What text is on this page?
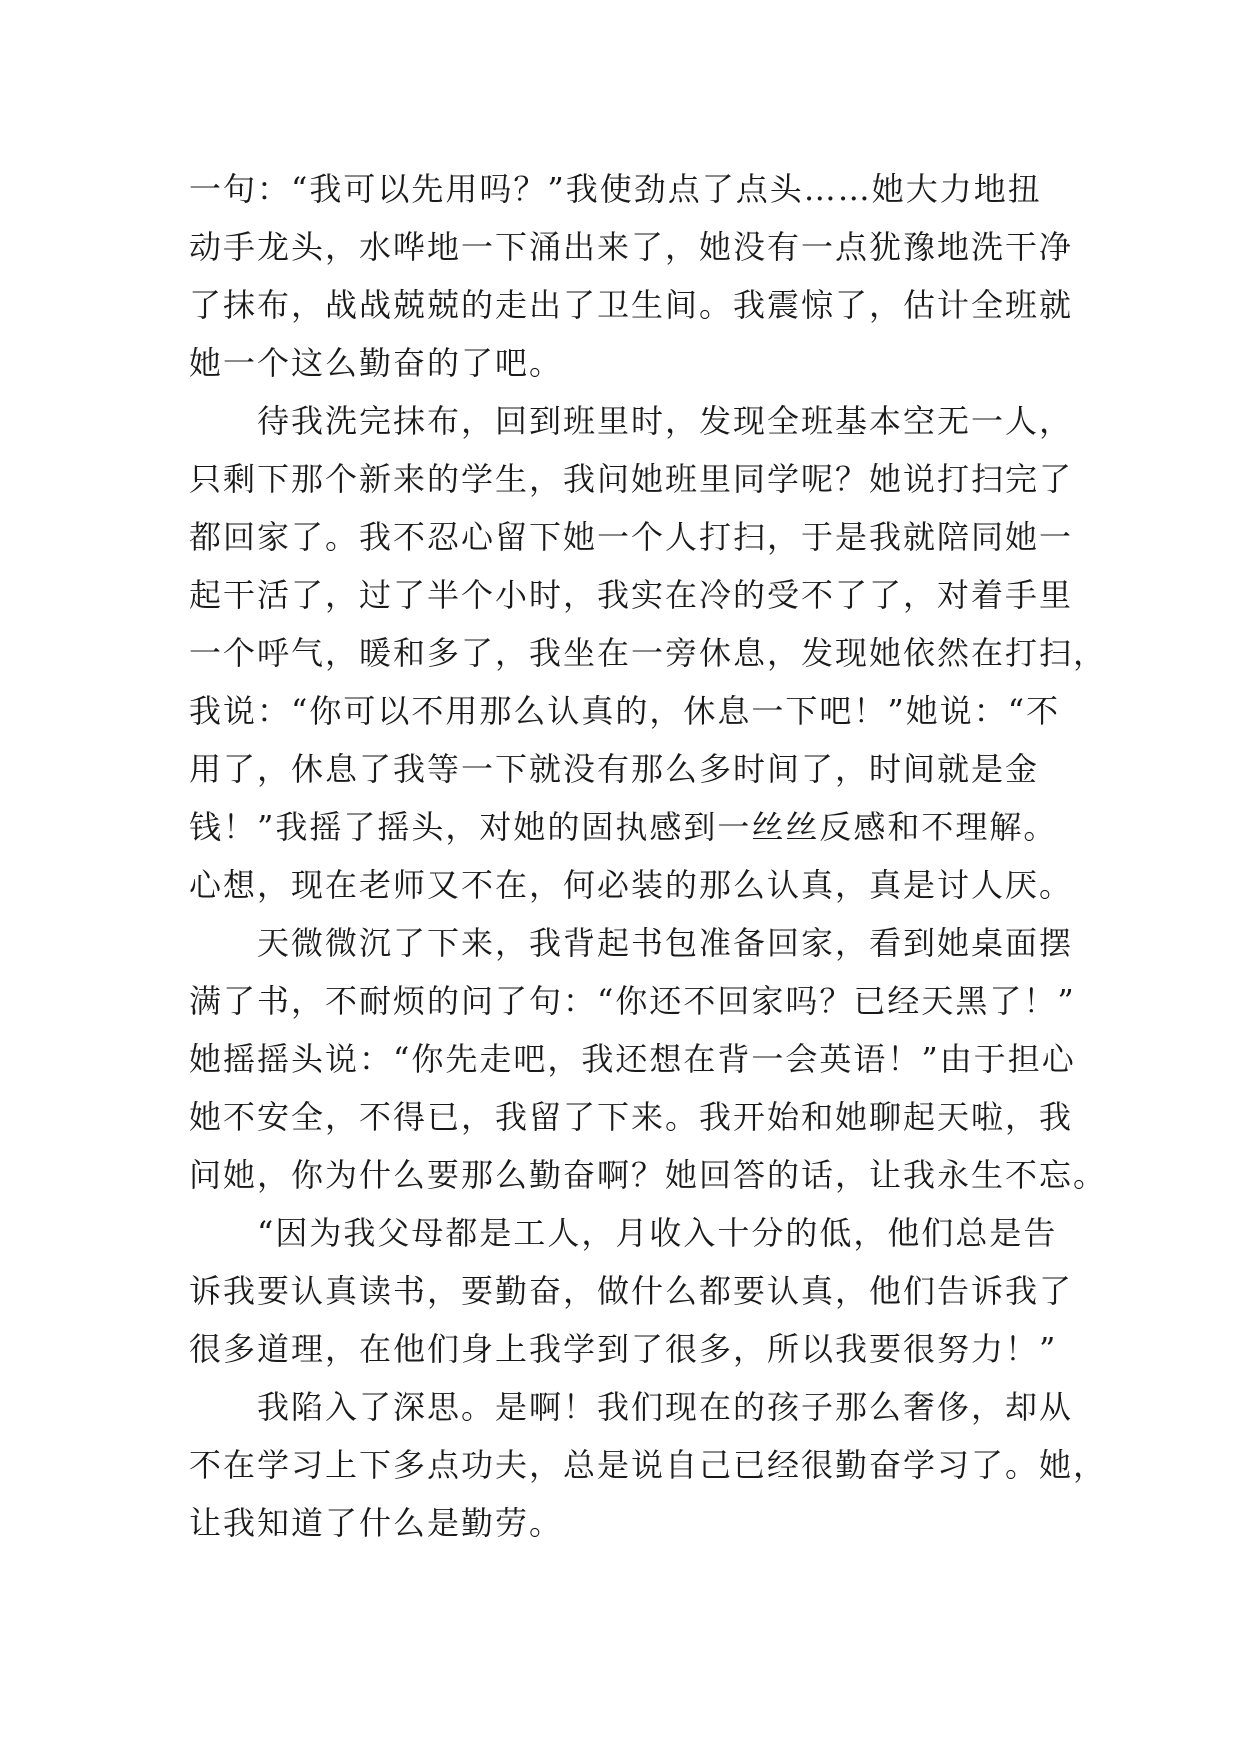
一句：“我可以先用吗？”我使劲点了点头……她大力地扭
动手龙头，水哗地一下涌出来了，她没有一点犹豫地洗干净
了抹布，战战兢兢的走出了卫生间。我震惊了，估计全班就
她一个这么勤奋的了吧。
　　待我洗完抹布，回到班里时，发现全班基本空无一人，
只剩下那个新来的学生，我问她班里同学呢？她说打扫完了
都回家了。我不忍心留下她一个人打扫，于是我就陪同她一
起干活了，过了半个小时，我实在冷的受不了了，对着手里
一个呼气，暖和多了，我坐在一旁休息，发现她依然在打扫，
我说：“你可以不用那么认真的，休息一下吧！”她说：“不
用了，休息了我等一下就没有那么多时间了，时间就是金
钱！”我摇了摇头，对她的固执感到一丝丝反感和不理解。
心想，现在老师又不在，何必装的那么认真，真是讨人厌。
　　天微微沉了下来，我背起书包准备回家，看到她桌面摆
满了书，不耐烦的问了句：“你还不回家吗？已经天黑了！”
她摇摇头说：“你先走吧，我还想在背一会英语！”由于担心
她不安全，不得已，我留了下来。我开始和她聊起天啦，我
问她，你为什么要那么勤奋啊？她回答的话，让我永生不忘。
　　“因为我父母都是工人，月收入十分的低，他们总是告
诉我要认真读书，要勤奋，做什么都要认真，他们告诉我了
很多道理，在他们身上我学到了很多，所以我要很努力！”
　　我陷入了深思。是啊！我们现在的孩子那么奢侈，却从
不在学习上下多点功夫，总是说自己已经很勤奋学习了。她，
让我知道了什么是勤劳。
